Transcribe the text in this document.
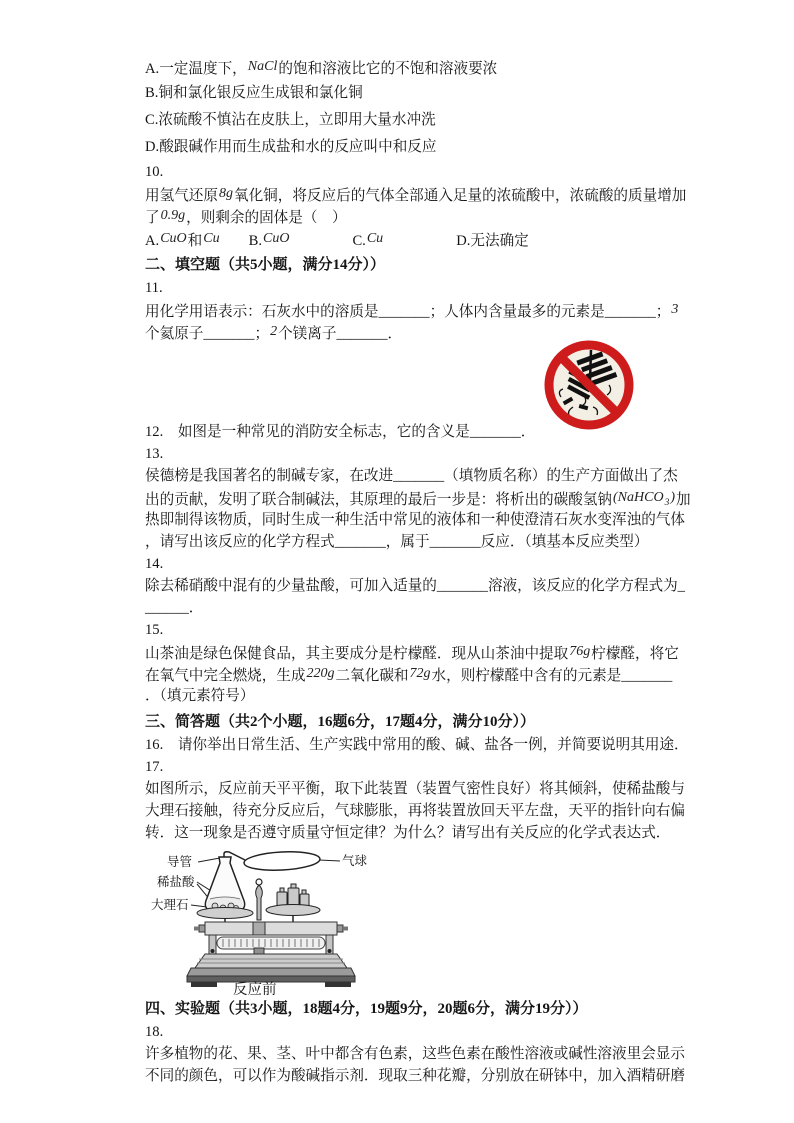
A.一定温度下，NaCl的饱和溶液比它的不饱和溶液要浓
B.铜和氯化银反应生成银和氯化铜
C.浓硫酸不慎沾在皮肤上，立即用大量水冲洗
D.酸跟碱作用而生成盐和水的反应叫中和反应
10.
用氢气还原8g氧化铜，将反应后的气体全部通入足量的浓硫酸中，浓硫酸的质量增加
了0.9g，则剩余的固体是（　）
A.CuO和Cu B.CuO	C.Cu	D.无法确定
二、填空题（共5小题，满分14分））
11.
用化学用语表示：石灰水中的溶质是_______；人体内含量最多的元素是_______；3
个氦原子_______；2个镁离子_______．
12.　如图是一种常见的消防安全标志，它的含义是_______．
13.
侯德榜是我国著名的制碱专家，在改进_______（填物质名称）的生产方面做出了杰
出的贡献，发明了联合制碱法，其原理的最后一步是：将析出的碳酸氢钠(NaHCO$_3$)加
热即制得该物质，同时生成一种生活中常见的液体和一种使澄清石灰水变浑浊的气体
，请写出该反应的化学方程式_______，属于_______反应．（填基本反应类型）
14.
除去稀硝酸中混有的少量盐酸，可加入适量的_______溶液，该反应的化学方程式为_
______．
15.
山茶油是绿色保健食品，其主要成分是柠檬醛．现从山茶油中提取76g柠檬醛，将它
在氧气中完全燃烧，生成220g二氧化碳和72g水，则柠檬醛中含有的元素是_______
．（填元素符号）
三、简答题（共2个小题，16题6分，17题4分，满分10分））
16.　请你举出日常生活、生产实践中常用的酸、碱、盐各一例，并简要说明其用途．
17.
如图所示，反应前天平平衡，取下此装置（装置气密性良好）将其倾斜，使稀盐酸与
大理石接触，待充分反应后，气球膨胀，再将装置放回天平左盘，天平的指针向右偏
转．这一现象是否遵守质量守恒定律？为什么？请写出有关反应的化学式表达式．
导管	气球
稀盐酸
大理石
反应前
四、实验题（共3小题，18题4分，19题9分，20题6分，满分19分））
18.
许多植物的花、果、茎、叶中都含有色素，这些色素在酸性溶液或碱性溶液里会显示
不同的颜色，可以作为酸碱指示剂．现取三种花瓣，分别放在研钵中，加入酒精研磨
